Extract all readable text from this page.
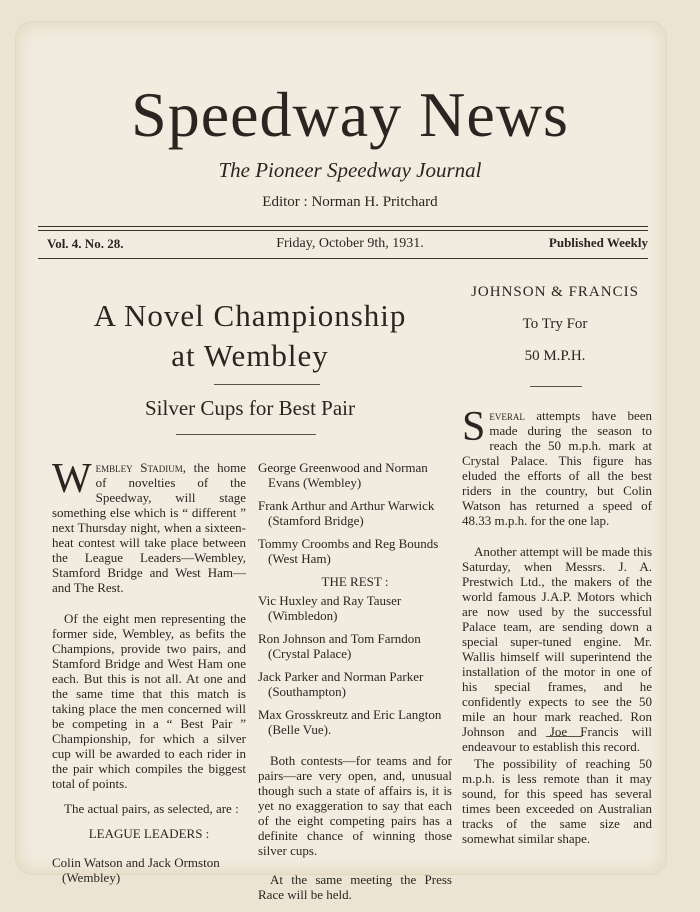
Speedway News
The Pioneer Speedway Journal
Editor : Norman H. Pritchard
Vol. 4. No. 28.	Friday, October 9th, 1931.	Published Weekly
A Novel Championship
at Wembley
Silver Cups for Best Pair

Wembley Stadium, the home of novelties of the Speedway, will stage something else which is “ different ” next Thursday night, when a sixteen-heat contest will take place between the League Leaders—Wembley, Stamford Bridge and West Ham—and The Rest.

Of the eight men representing the former side, Wembley, as befits the Champions, provide two pairs, and Stamford Bridge and West Ham one each. But this is not all. At one and the same time that this match is taking place the men concerned will be competing in a “ Best Pair ” Championship, for which a silver cup will be awarded to each rider in the pair which compiles the biggest total of points.

The actual pairs, as selected, are :

LEAGUE LEADERS :

Colin Watson and Jack Ormston (Wembley)

George Greenwood and Norman Evans (Wembley)

Frank Arthur and Arthur Warwick (Stamford Bridge)

Tommy Croombs and Reg Bounds (West Ham)

THE REST :

Vic Huxley and Ray Tauser (Wimbledon)

Ron Johnson and Tom Farndon (Crystal Palace)

Jack Parker and Norman Parker (Southampton)

Max Grosskreutz and Eric Langton (Belle Vue).

Both contests—for teams and for pairs—are very open, and, unusual though such a state of affairs is, it is yet no exaggeration to say that each of the eight competing pairs has a definite chance of winning those silver cups.

At the same meeting the Press Race will be held.

JOHNSON & FRANCIS
To Try For
50 M.P.H.

Several attempts have been made during the season to reach the 50 m.p.h. mark at Crystal Palace. This figure has eluded the efforts of all the best riders in the country, but Colin Watson has returned a speed of 48.33 m.p.h. for the one lap.

Another attempt will be made this Saturday, when Messrs. J. A. Prestwich Ltd., the makers of the world famous J.A.P. Motors which are now used by the successful Palace team, are sending down a special super-tuned engine. Mr. Wallis himself will superintend the installation of the motor in one of his special frames, and he confidently expects to see the 50 mile an hour mark reached. Ron Johnson and Joe Francis will endeavour to establish this record.

The possibility of reaching 50 m.p.h. is less remote than it may sound, for this speed has several times been exceeded on Australian tracks of the same size and somewhat similar shape.
